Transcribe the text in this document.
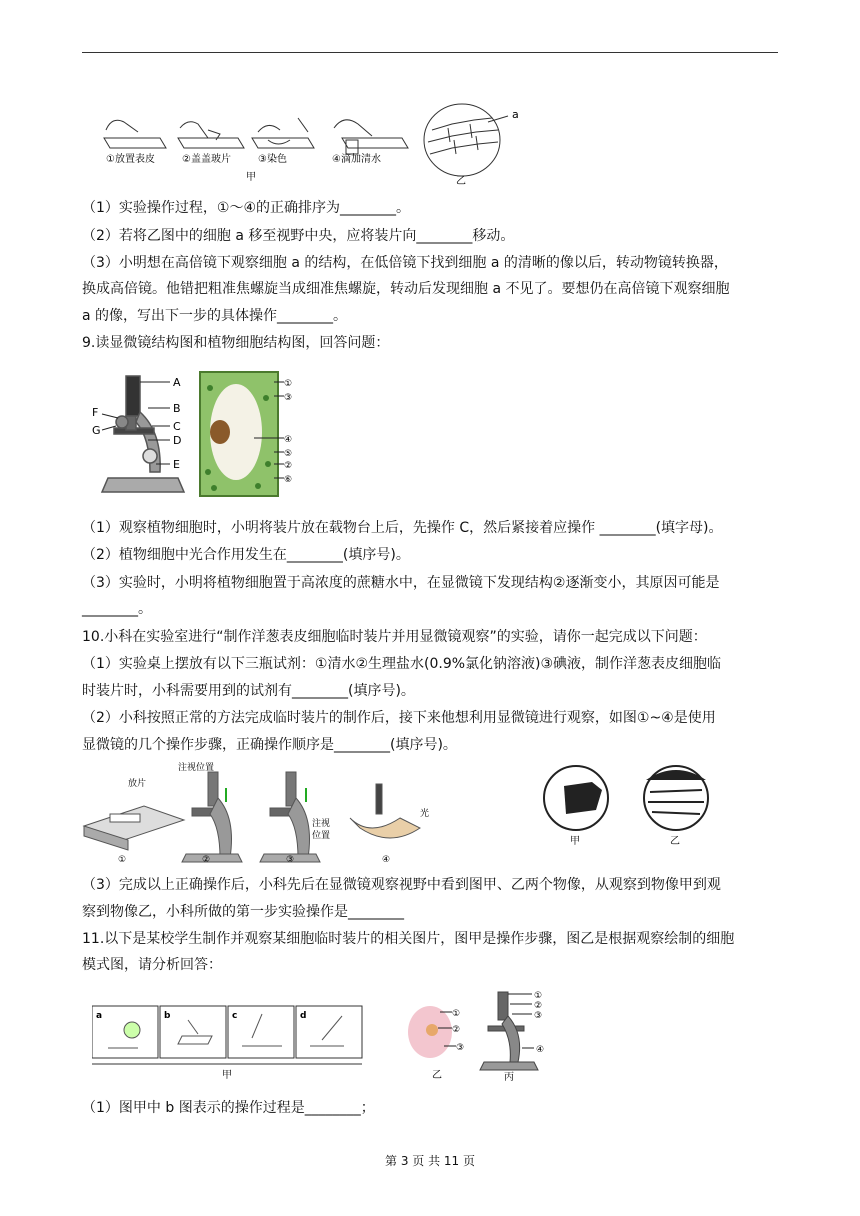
a
①放置表皮	②盖盖玻片	③染色	④滴加清水
甲	乙
（1）实验操作过程，①～④的正确排序为________。
（2）若将乙图中的细胞 a 移至视野中央，应将装片向________移动。
（3）小明想在高倍镜下观察细胞 a 的结构，在低倍镜下找到细胞 a 的清晰的像以后，转动物镜转换器，
换成高倍镜。他错把粗准焦螺旋当成细准焦螺旋，转动后发现细胞 a 不见了。要想仍在高倍镜下观察细胞
a 的像，写出下一步的具体操作________。
9.读显微镜结构图和植物细胞结构图，回答问题：
A
B
C
D
E
F
G
①
③
④
⑤
②
⑥
（1）观察植物细胞时，小明将装片放在载物台上后，先操作 C，然后紧接着应操作 ________(填字母)。
（2）植物细胞中光合作用发生在________(填序号)。
（3）实验时，小明将植物细胞置于高浓度的蔗糖水中，在显微镜下发现结构②逐渐变小，其原因可能是
________。
10.小科在实验室进行“制作洋葱表皮细胞临时装片并用显微镜观察”的实验，请你一起完成以下问题：
（1）实验桌上摆放有以下三瓶试剂：①清水②生理盐水(0.9%氯化钠溶液)③碘液，制作洋葱表皮细胞临
时装片时，小科需要用到的试剂有________(填序号)。
（2）小科按照正常的方法完成临时装片的制作后，接下来他想利用显微镜进行观察，如图①~④是使用
显微镜的几个操作步骤，正确操作顺序是________(填序号)。
放片
注视位置
注视
位置
光
①	②	③	④
甲	乙
（3）完成以上正确操作后，小科先后在显微镜观察视野中看到图甲、乙两个物像，从观察到物像甲到观
察到物像乙，小科所做的第一步实验操作是________
11.以下是某校学生制作并观察某细胞临时装片的相关图片，图甲是操作步骤，图乙是根据观察绘制的细胞
模式图，请分析回答：
a	b	c	d
甲
①
②
③
乙
①
②
③
④
丙
（1）图甲中 b 图表示的操作过程是________；
第 3 页 共 11 页
